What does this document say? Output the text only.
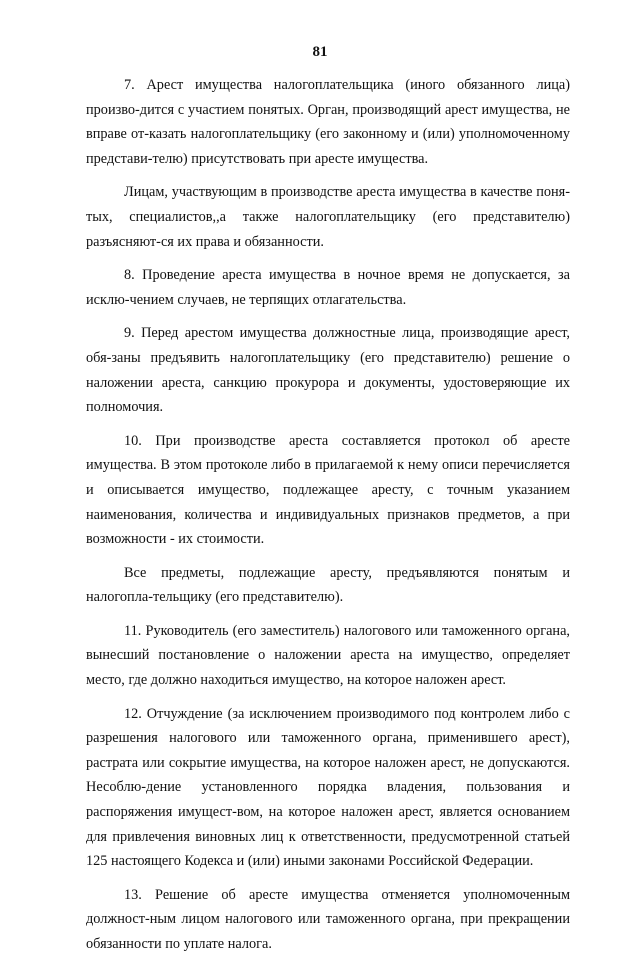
81

7. Арест имущества налогоплательщика (иного обязанного лица) произво-дится с участием понятых. Орган, производящий арест имущества, не вправе от-казать налогоплательщику (его законному и (или) уполномоченному представи-телю) присутствовать при аресте имущества.

Лицам, участвующим в производстве ареста имущества в качестве поня-тых, специалистов,,а также налогоплательщику (его представителю) разъясняют-ся их права и обязанности.

8. Проведение ареста имущества в ночное время не допускается, за исклю-чением случаев, не терпящих отлагательства.

9. Перед арестом имущества должностные лица, производящие арест, обя-заны предъявить налогоплательщику (его представителю) решение о наложении ареста, санкцию прокурора и документы, удостоверяющие их полномочия.

10. При производстве ареста составляется протокол об аресте имущества. В этом протоколе либо в прилагаемой к нему описи перечисляется и описывается имущество, подлежащее аресту, с точным указанием наименования, количества и индивидуальных признаков предметов, а при возможности - их стоимости.

Все предметы, подлежащие аресту, предъявляются понятым и налогопла-тельщику (его представителю).

11. Руководитель (его заместитель) налогового или таможенного органа, вынесший постановление о наложении ареста на имущество, определяет место, где должно находиться имущество, на которое наложен арест.

12. Отчуждение (за исключением производимого под контролем либо с разрешения налогового или таможенного органа, применившего арест), растрата или сокрытие имущества, на которое наложен арест, не допускаются. Несоблю-дение установленного порядка владения, пользования и распоряжения имущест-вом, на которое наложен арест, является основанием для привлечения виновных лиц к ответственности, предусмотренной статьей 125 настоящего Кодекса и (или) иными законами Российской Федерации.

13. Решение об аресте имущества отменяется уполномоченным должност-ным лицом налогового или таможенного органа, при прекращении обязанности по уплате налога.
